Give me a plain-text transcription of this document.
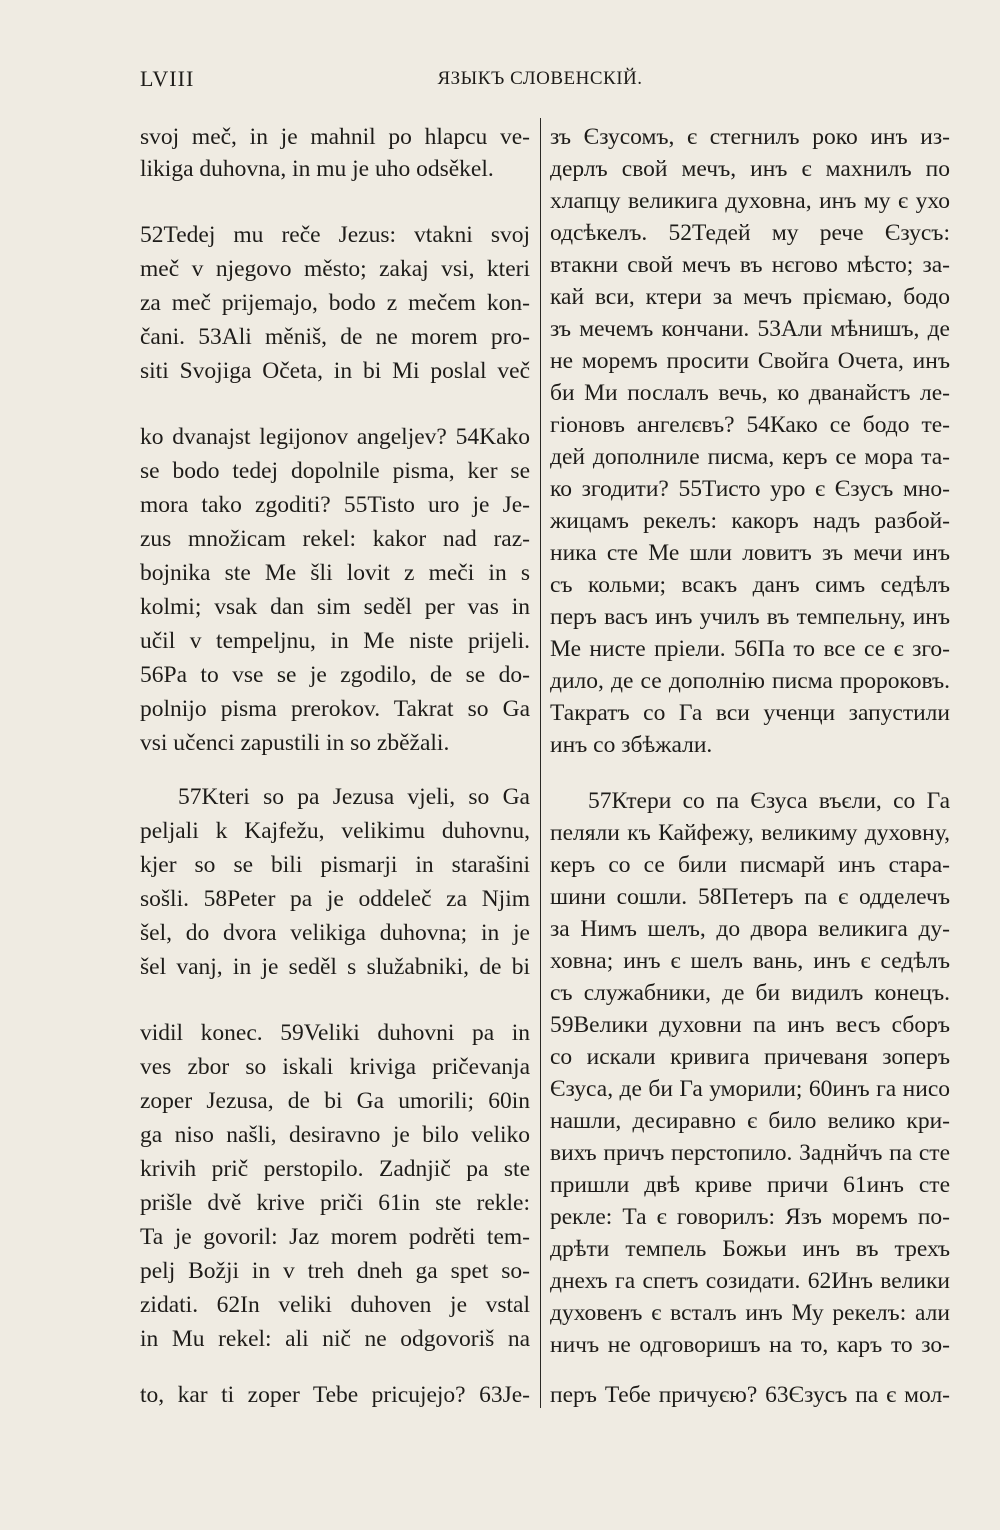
LVIII	ЯЗЫКЪ СЛОВЕНСКІЙ.
svoj meč, in je mahnil po hlapcu ve-
likiga duhovna, in mu je uho odsěkel.
52Tedej mu reče Jezus: vtakni svoj
meč v njegovo město; zakaj vsi, kteri
za meč prijemajo, bodo z mečem kon-
čani. 53Ali měniš, de ne morem pro-
siti Svojiga Očeta, in bi Mi poslal več
ko dvanajst legijonov angeljev? 54Kako
se bodo tedej dopolnile pisma, ker se
mora tako zgoditi? 55Tisto uro je Je-
zus množicam rekel: kakor nad raz-
bojnika ste Me šli lovit z meči in s
kolmi; vsak dan sim seděl per vas in
učil v tempeljnu, in Me niste prijeli.
56Pa to vse se je zgodilo, de se do-
polnijo pisma prerokov. Takrat so Ga
vsi učenci zapustili in so zběžali.
57Kteri so pa Jezusa vjeli, so Ga
peljali k Kajfežu, velikimu duhovnu,
kjer so se bili pismarji in starašini
sošli. 58Peter pa je oddeleč za Njim
šel, do dvora velikiga duhovna; in je
šel vanj, in je seděl s služabniki, de bi
vidil konec. 59Veliki duhovni pa in
ves zbor so iskali kriviga pričevanja
zoper Jezusa, de bi Ga umorili; 60in
ga niso našli, desiravno je bilo veliko
krivih prič perstopilo. Zadnjič pa ste
prišle dvě krive priči 61in ste rekle:
Ta je govoril: Jaz morem podrěti tem-
pelj Božji in v treh dneh ga spet so-
zidati. 62In veliki duhoven je vstal
in Mu rekel: ali nič ne odgovoriš na
to, kar ti zoper Tebe pricujejo? 63Je-
зъ Єзусомъ, є стегнилъ роко инъ из-
дерлъ свой мечъ, инъ є махнилъ по
хлапцу великига духовна, инъ му є ухо
одсѣкелъ. 52Тедей му рече Єзусъ:
втакни свой мечъ въ нєгово мѣсто; за-
кай вси, ктери за мечъ пріємаю, бодо
зъ мечемъ кончани. 53Али мѣнишъ, де
не моремъ просити Свойга Очета, инъ
би Ми послалъ вечь, ко дванайстъ ле-
гіоновъ ангелєвъ? 54Како се бодо те-
дей дополниле писма, керъ се мора та-
ко згодити? 55Тисто уро є Єзусъ мно-
жицамъ рекелъ: какоръ надъ разбой-
ника сте Ме шли ловитъ зъ мечи инъ
съ кольми; всакъ данъ симъ седѣлъ
перъ васъ инъ училъ въ темпельну, инъ
Ме нисте пріели. 56Па то все се є зго-
дило, де се дополнію писма пророковъ.
Такратъ со Га вси ученци запустили
инъ со збѣжали.
57Ктери со па Єзуса въєли, со Га
пеляли къ Кайфежу, великиму духовну,
керъ со се били писмарй инъ стара-
шини сошли. 58Петеръ па є одделечъ
за Нимъ шелъ, до двора великига ду-
ховна; инъ є шелъ вань, инъ є седѣлъ
съ служабники, де би видилъ конецъ.
59Велики духовни па инъ весъ сборъ
со искали кривига причеваня зоперъ
Єзуса, де би Га уморили; 60инъ га нисо
нашли, десиравно є било велико кри-
вихъ причъ перстопило. Заднйчъ па сте
пришли двѣ криве причи 61инъ сте
рекле: Та є говорилъ: Язъ моремъ по-
дрѣти темпель Божьи инъ въ трехъ
днехъ га спетъ созидати. 62Инъ велики
духовенъ є всталъ инъ Му рекелъ: али
ничъ не одговоришъ на то, каръ то зо-
перъ Тебе причуєю? 63Єзусъ па є мол-
